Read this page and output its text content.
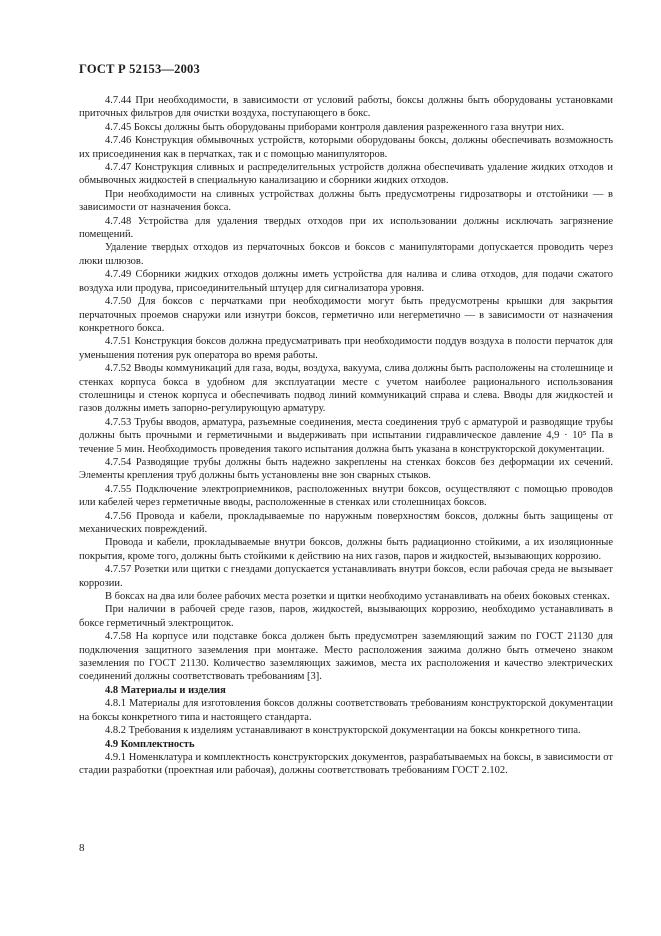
ГОСТ Р 52153—2003

4.7.44 При необходимости, в зависимости от условий работы, боксы должны быть оборудованы установками приточных фильтров для очистки воздуха, поступающего в бокс.

4.7.45 Боксы должны быть оборудованы приборами контроля давления разреженного газа внутри них.

4.7.46 Конструкция обмывочных устройств, которыми оборудованы боксы, должны обеспечивать возможность их присоединения как в перчатках, так и с помощью манипуляторов.

4.7.47 Конструкция сливных и распределительных устройств должна обеспечивать удаление жидких отходов и обмывочных жидкостей в специальную канализацию и сборники жидких отходов.

При необходимости на сливных устройствах должны быть предусмотрены гидрозатворы и отстойники — в зависимости от назначения бокса.

4.7.48 Устройства для удаления твердых отходов при их использовании должны исключать загрязнение помещений.

Удаление твердых отходов из перчаточных боксов и боксов с манипуляторами допускается проводить через люки шлюзов.

4.7.49 Сборники жидких отходов должны иметь устройства для налива и слива отходов, для подачи сжатого воздуха или продува, присоединительный штуцер для сигнализатора уровня.

4.7.50 Для боксов с перчатками при необходимости могут быть предусмотрены крышки для закрытия перчаточных проемов снаружи или изнутри боксов, герметично или негерметично — в зависимости от назначения конкретного бокса.

4.7.51 Конструкция боксов должна предусматривать при необходимости поддув воздуха в полости перчаток для уменьшения потения рук оператора во время работы.

4.7.52 Вводы коммуникаций для газа, воды, воздуха, вакуума, слива должны быть расположены на столешнице и стенках корпуса бокса в удобном для эксплуатации месте с учетом наиболее рационального использования столешницы и стенок корпуса и обеспечивать подвод линий коммуникаций справа и слева. Вводы для жидкостей и газов должны иметь запорно-регулирующую арматуру.

4.7.53 Трубы вводов, арматура, разъемные соединения, места соединения труб с арматурой и разводящие трубы должны быть прочными и герметичными и выдерживать при испытании гидравлическое давление 4,9 · 10⁵ Па в течение 5 мин. Необходимость проведения такого испытания должна быть указана в конструкторской документации.

4.7.54 Разводящие трубы должны быть надежно закреплены на стенках боксов без деформации их сечений. Элементы крепления труб должны быть установлены вне зон сварных стыков.

4.7.55 Подключение электроприемников, расположенных внутри боксов, осуществляют с помощью проводов или кабелей через герметичные вводы, расположенные в стенках или столешницах боксов.

4.7.56 Провода и кабели, прокладываемые по наружным поверхностям боксов, должны быть защищены от механических повреждений.

Провода и кабели, прокладываемые внутри боксов, должны быть радиационно стойкими, а их изоляционные покрытия, кроме того, должны быть стойкими к действию на них газов, паров и жидкостей, вызывающих коррозию.

4.7.57 Розетки или щитки с гнездами допускается устанавливать внутри боксов, если рабочая среда не вызывает коррозии.

В боксах на два или более рабочих места розетки и щитки необходимо устанавливать на обеих боковых стенках.

При наличии в рабочей среде газов, паров, жидкостей, вызывающих коррозию, необходимо устанавливать в боксе герметичный электрощиток.

4.7.58 На корпусе или подставке бокса должен быть предусмотрен заземляющий зажим по ГОСТ 21130 для подключения защитного заземления при монтаже. Место расположения зажима должно быть отмечено знаком заземления по ГОСТ 21130. Количество заземляющих зажимов, места их расположения и качество электрических соединений должны соответствовать требованиям [3].

4.8 Материалы и изделия

4.8.1 Материалы для изготовления боксов должны соответствовать требованиям конструкторской документации на боксы конкретного типа и настоящего стандарта.

4.8.2 Требования к изделиям устанавливают в конструкторской документации на боксы конкретного типа.

4.9 Комплектность

4.9.1 Номенклатура и комплектность конструкторских документов, разрабатываемых на боксы, в зависимости от стадии разработки (проектная или рабочая), должны соответствовать требованиям ГОСТ 2.102.

8
